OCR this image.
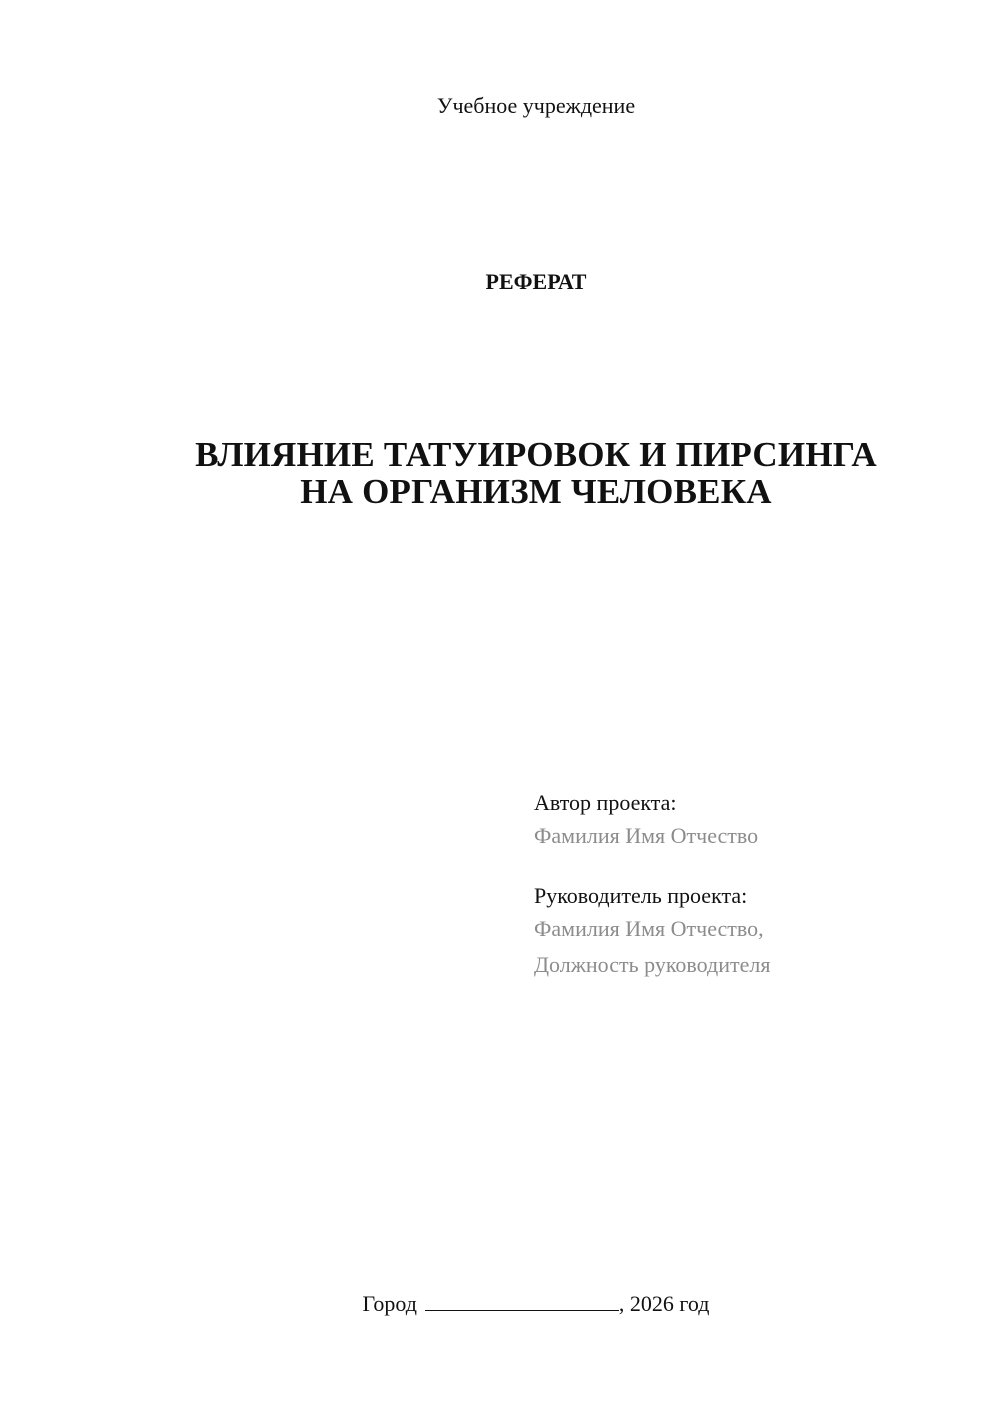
Учебное учреждение
РЕФЕРАТ
ВЛИЯНИЕ ТАТУИРОВОК И ПИРСИНГА
НА ОРГАНИЗМ ЧЕЛОВЕКА
Автор проекта:
Фамилия Имя Отчество
Руководитель проекта:
Фамилия Имя Отчество,
Должность руководителя
Город	, 2026 год
